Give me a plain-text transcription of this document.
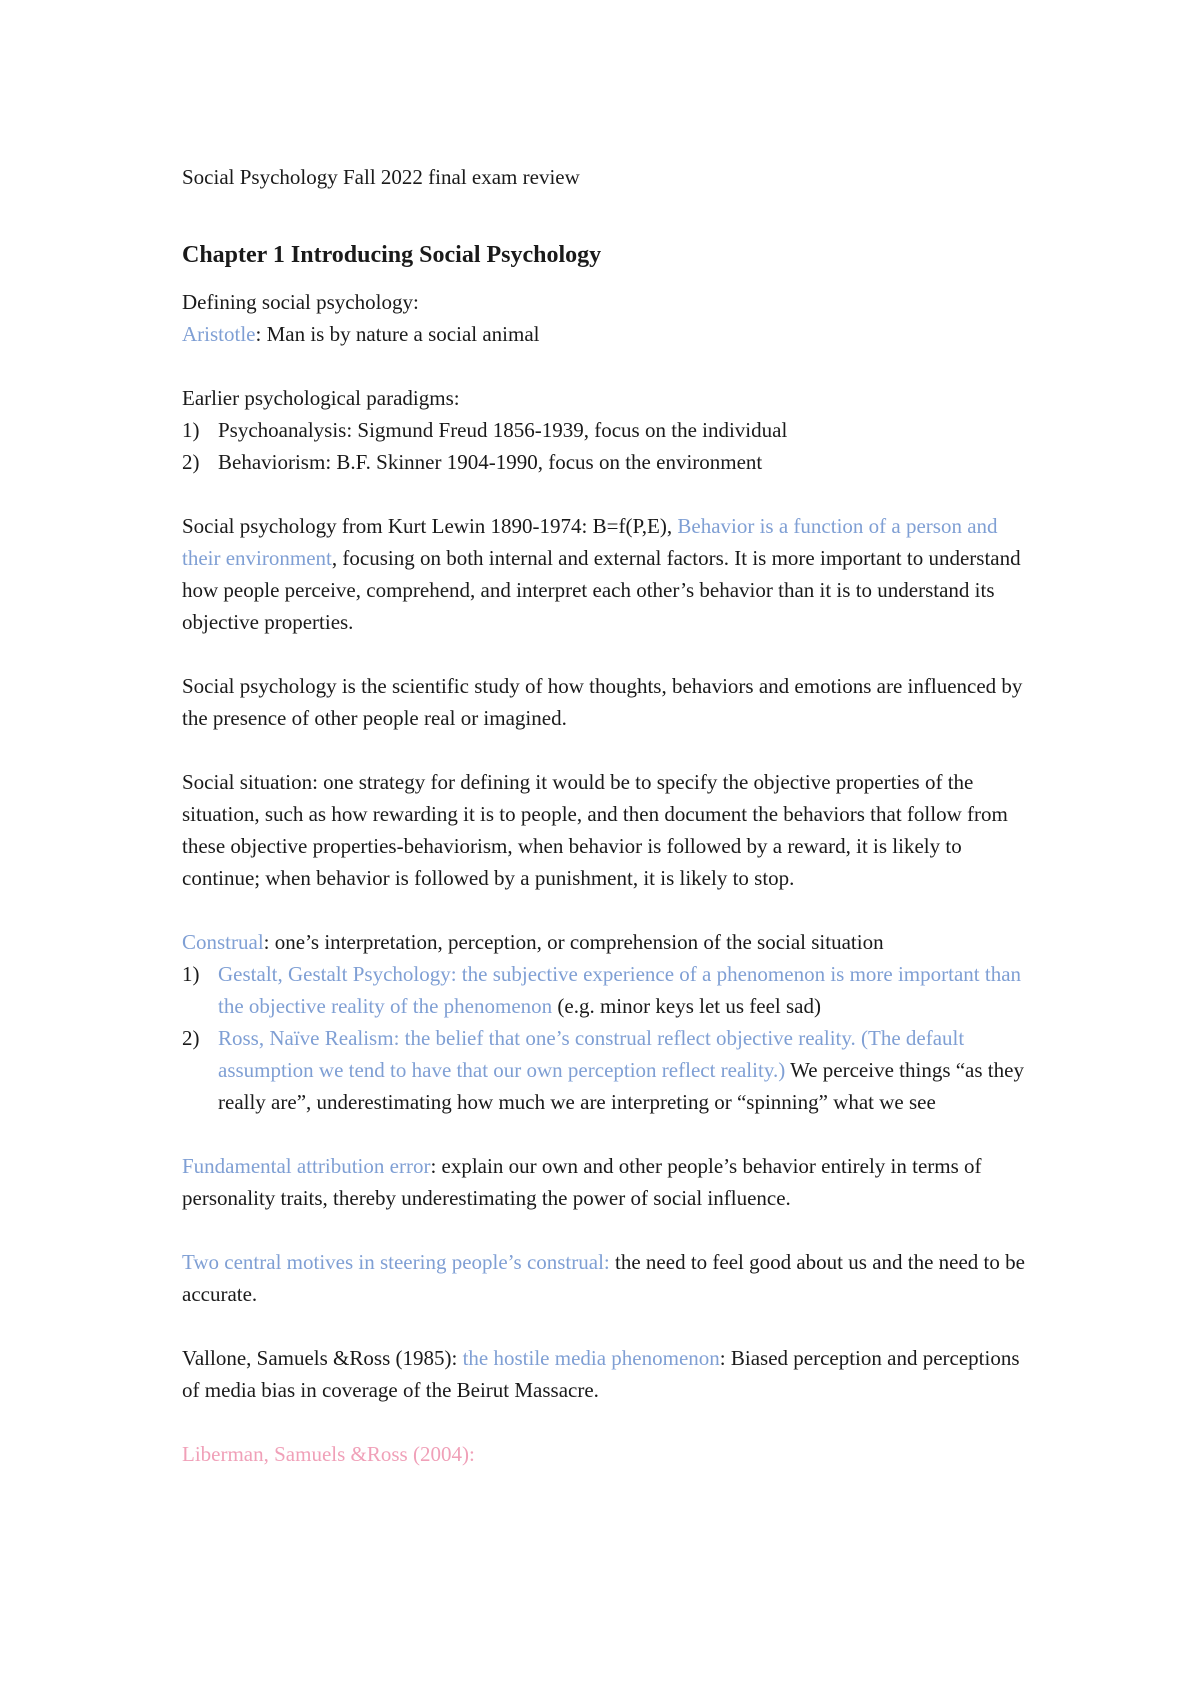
Social Psychology Fall 2022 final exam review
Chapter 1 Introducing Social Psychology

Defining social psychology:

Aristotle: Man is by nature a social animal

Earlier psychological paradigms:

1) Psychoanalysis: Sigmund Freud 1856-1939, focus on the individual
2) Behaviorism: B.F. Skinner 1904-1990, focus on the environment

Social psychology from Kurt Lewin 1890-1974: B=f(P,E), Behavior is a function of a person and their environment, focusing on both internal and external factors. It is more important to understand how people perceive, comprehend, and interpret each other’s behavior than it is to understand its objective properties.

Social psychology is the scientific study of how thoughts, behaviors and emotions are influenced by the presence of other people real or imagined.

Social situation: one strategy for defining it would be to specify the objective properties of the situation, such as how rewarding it is to people, and then document the behaviors that follow from these objective properties-behaviorism, when behavior is followed by a reward, it is likely to continue; when behavior is followed by a punishment, it is likely to stop.

Construal: one’s interpretation, perception, or comprehension of the social situation

1) Gestalt, Gestalt Psychology: the subjective experience of a phenomenon is more important than the objective reality of the phenomenon (e.g. minor keys let us feel sad)
2) Ross, Naïve Realism: the belief that one’s construal reflect objective reality. (The default assumption we tend to have that our own perception reflect reality.) We perceive things “as they really are”, underestimating how much we are interpreting or “spinning” what we see

Fundamental attribution error: explain our own and other people’s behavior entirely in terms of personality traits, thereby underestimating the power of social influence.

Two central motives in steering people’s construal: the need to feel good about us and the need to be accurate.

Vallone, Samuels &Ross (1985): the hostile media phenomenon: Biased perception and perceptions of media bias in coverage of the Beirut Massacre.

Liberman, Samuels &Ross (2004):
